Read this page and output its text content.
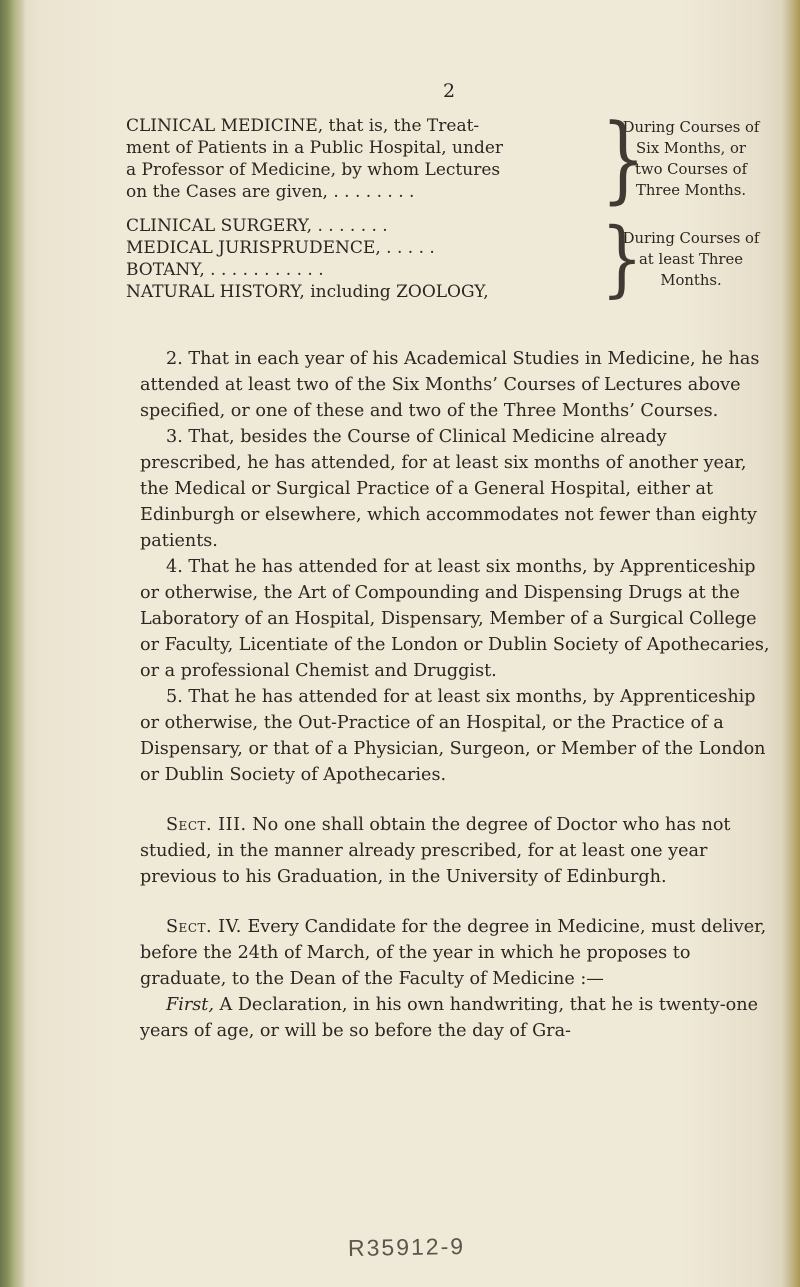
2
CLINICAL MEDICINE, that is, the Treat-
ment of Patients in a Public Hospital, under
a Professor of Medicine, by whom Lectures
on the Cases are given, . . . . . . . .	}
During Courses of
Six Months, or
two Courses of
Three Months.
CLINICAL SURGERY, . . . . . . .
MEDICAL JURISPRUDENCE, . . . . .
BOTANY, . . . . . . . . . . .
NATURAL HISTORY, including ZOOLOGY,	}
During Courses of
at least Three
Months.

2. That in each year of his Academical Studies in Medicine, he has attended at least two of the Six Months’ Courses of Lectures above specified, or one of these and two of the Three Months’ Courses.

3. That, besides the Course of Clinical Medicine already prescribed, he has attended, for at least six months of another year, the Medical or Surgical Practice of a General Hospital, either at Edinburgh or elsewhere, which accommodates not fewer than eighty patients.

4. That he has attended for at least six months, by Apprenticeship or otherwise, the Art of Compounding and Dispensing Drugs at the Laboratory of an Hospital, Dispensary, Member of a Surgical College or Faculty, Licentiate of the London or Dublin Society of Apothecaries, or a professional Chemist and Druggist.

5. That he has attended for at least six months, by Apprenticeship or otherwise, the Out-Practice of an Hospital, or the Practice of a Dispensary, or that of a Physician, Surgeon, or Member of the London or Dublin Society of Apothecaries.

Sect. III. No one shall obtain the degree of Doctor who has not studied, in the manner already prescribed, for at least one year previous to his Graduation, in the University of Edinburgh.

Sect. IV. Every Candidate for the degree in Medicine, must deliver, before the 24th of March, of the year in which he proposes to graduate, to the Dean of the Faculty of Medicine :—

First, A Declaration, in his own handwriting, that he is twenty-one years of age, or will be so before the day of Gra-

R35912-9
